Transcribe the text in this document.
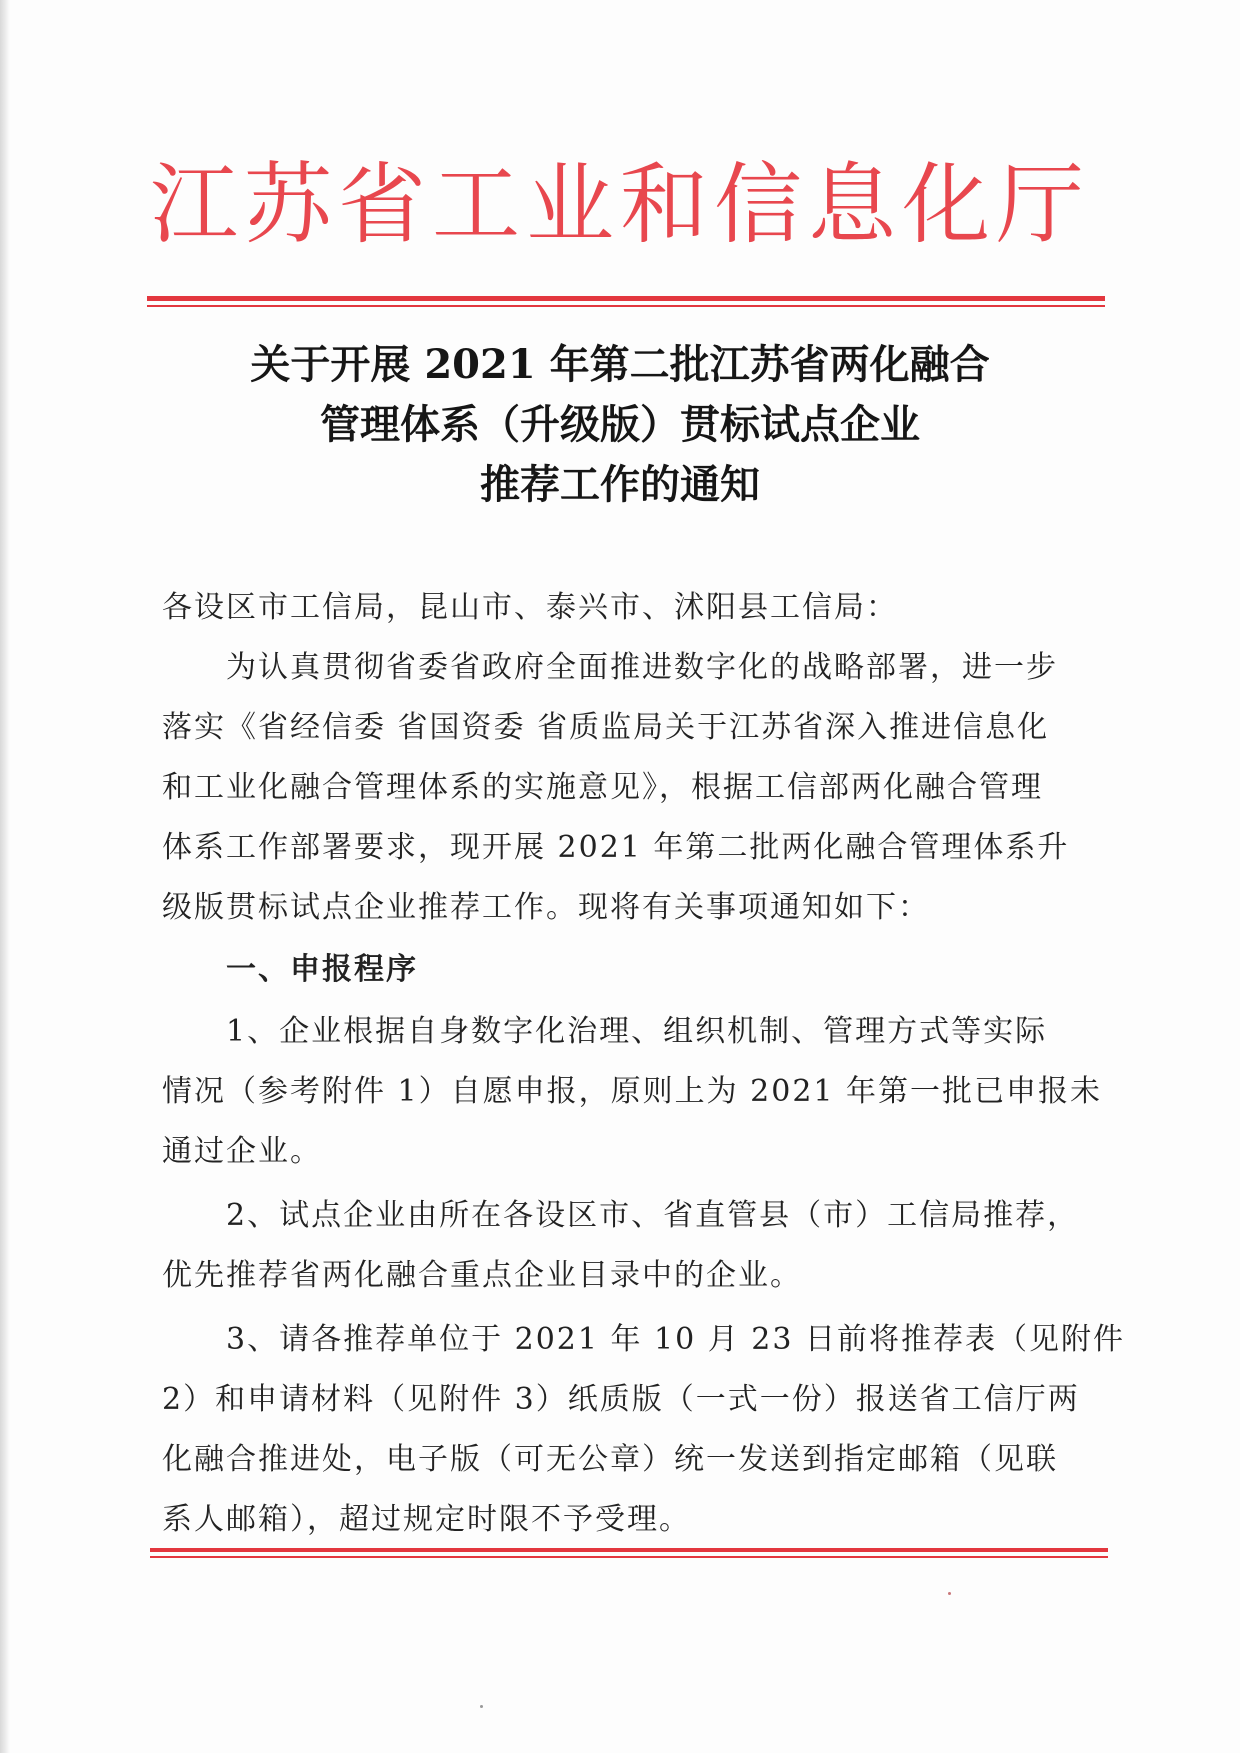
江苏省工业和信息化厅
关于开展 2021 年第二批江苏省两化融合
管理体系（升级版）贯标试点企业
推荐工作的通知
各设区市工信局，昆山市、泰兴市、沭阳县工信局：
为认真贯彻省委省政府全面推进数字化的战略部署，进一步
落实《省经信委 省国资委 省质监局关于江苏省深入推进信息化
和工业化融合管理体系的实施意见》，根据工信部两化融合管理
体系工作部署要求，现开展 2021 年第二批两化融合管理体系升
级版贯标试点企业推荐工作。现将有关事项通知如下：
一、申报程序
1、企业根据自身数字化治理、组织机制、管理方式等实际
情况（参考附件 1）自愿申报，原则上为 2021 年第一批已申报未
通过企业。
2、试点企业由所在各设区市、省直管县（市）工信局推荐，
优先推荐省两化融合重点企业目录中的企业。
3、请各推荐单位于 2021 年 10 月 23 日前将推荐表（见附件
2）和申请材料（见附件 3）纸质版（一式一份）报送省工信厅两
化融合推进处，电子版（可无公章）统一发送到指定邮箱（见联
系人邮箱），超过规定时限不予受理。
